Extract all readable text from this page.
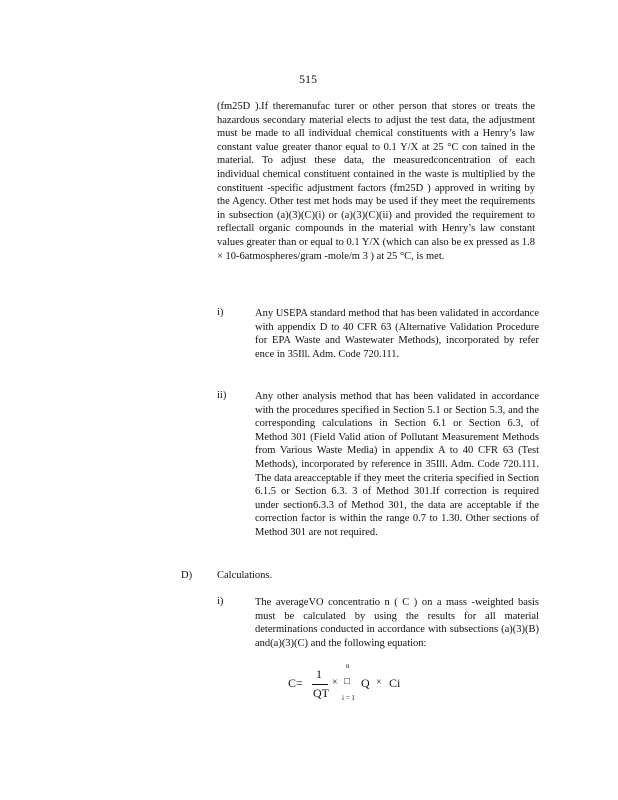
515

(fm25D ).If theremanufac turer or other person that stores or treats the hazardous secondary material elects to adjust the test data, the adjustment must be made to all individual chemical constituents with a Henry’s law constant value greater thanor equal to 0.1 Y/X at 25 °C con tained in the material. To adjust these data, the measuredconcentration of each individual chemical constituent contained in the waste is multiplied by the constituent -specific adjustment factors (fm25D ) approved in writing by the Agency. Other test met hods may be used if they meet the requirements in subsection (a)(3)(C)(i) or (a)(3)(C)(ii) and provided the requirement to reflectall organic compounds in the material with Henry’s law constant values greater than or equal to 0.1 Y/X (which can also be ex pressed as 1.8 × 10-6atmospheres/gram -mole/m 3 ) at 25 °C, is met.

i)	Any USEPA standard method that has been validated in accordance with appendix D to 40 CFR 63 (Alternative Validation Procedure for EPA Waste and Wastewater Methods), incorporated by refer ence in 35Ill. Adm. Code 720.111.

ii)	Any other analysis method that has been validated in accordance with the procedures specified in Section 5.1 or Section 5.3, and the corresponding calculations in Section 6.1 or Section 6.3, of Method 301 (Field Valid ation of Pollutant Measurement Methods from Various Waste Media) in appendix A to 40 CFR 63 (Test Methods), incorporated by reference in 35Ill. Adm. Code 720.111. The data areacceptable if they meet the criteria specified in Section 6.1.5 or Section 6.3. 3 of Method 301.If correction is required under section6.3.3 of Method 301, the data are acceptable if the correction factor is within the range 0.7 to 1.30. Other sections of Method 301 are not required.

D) Calculations.
i)	The averageVO concentratio n ( C ) on a mass -weighted basis must be calculated by using the results for all material determinations conducted in accordance with subsections (a)(3)(B) and(a)(3)(C) and the following equation:

C=
1
QT
×
n
□
i = 1
Q × Ci
